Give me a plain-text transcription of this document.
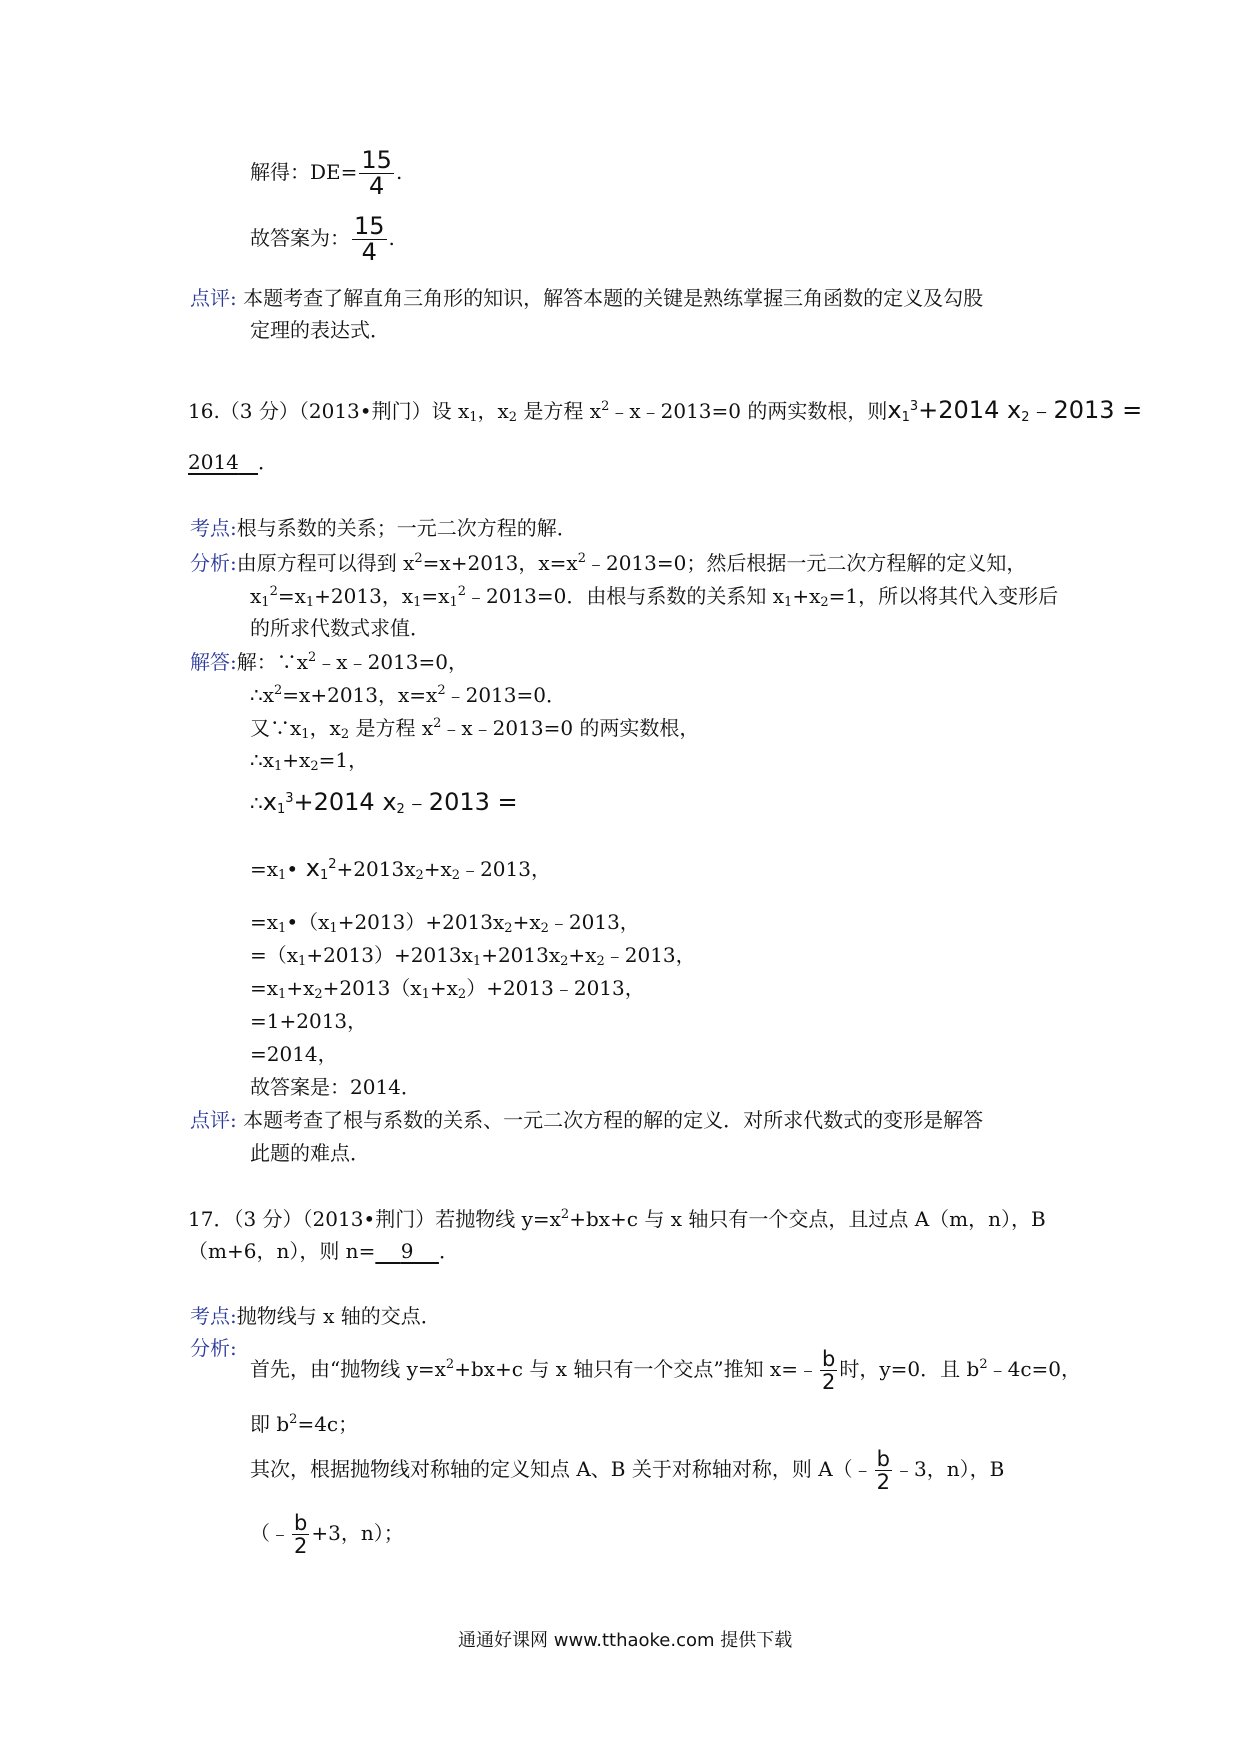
解得：$DE= \frac{15}{4}$ .
故答案为： $\frac{15}{4}$ .
点评: 本题考查了解直角三角形的知识，解答本题的关键是熟练掌握三角函数的定义及勾股
定理的表达式．
16.（3 分）（2013•荆门）设 $x_1$，$x_2$ 是方程 $x^2﹣x﹣2013=0$ 的两实数根，则$x_1^3+2014$ $x_2﹣2013$ =
2014 ．
考点:根与系数的关系；一元二次方程的解．
分析:由原方程可以得到 $x^2=x+2013$，$x=x^2﹣2013=0$；然后根据一元二次方程解的定义知，
$x_1^2=x_1+2013$，$x_1=x_1^2﹣2013=0$．由根与系数的关系知 $x_1+x_2=1$，所以将其代入变形后
的所求代数式求值．
解答:解：$\because x^2﹣x﹣2013=0$，
$\therefore x^2=x+2013$，$x=x^2﹣2013=0$．
又$\because x_1$，$x_2$ 是方程 $x^2﹣x﹣2013=0$ 的两实数根，
$\therefore x_1+x_2=1$，
$\therefore x_1^3+2014$ $x_2﹣2013$ =
$=x_1•$ $x_1^2+2013x_2+x_2﹣2013$，
$=x_1•(x_1+2013)+2013x_2+x_2﹣2013$，
$=(x_1+2013)+2013x_1+2013x_2+x_2﹣2013$，
$=x_1+x_2+2013(x_1+x_2)+2013﹣2013$，
=1+2013，
=2014，
故答案是：2014．
点评: 本题考查了根与系数的关系、一元二次方程的解的定义．对所求代数式的变形是解答
此题的难点．
17．（3 分）（2013•荆门）若抛物线 $y=x^2+bx+c$ 与 x 轴只有一个交点，且过点 A（m，n），B
（m+6，n），则 n= 9 ．
考点:抛物线与 x 轴的交点．
分析:
首先，由“抛物线 $y=x^2+bx+c$ 与 x 轴只有一个交点”推知 x=﹣ $\frac{b}{2}$ 时，y=0．且 $b^2﹣4c=0$，
即 $b^2=4c$；
其次，根据抛物线对称轴的定义知点 A、B 关于对称轴对称，则 A（﹣ $\frac{b}{2}$ ﹣3，n），B
（﹣ $\frac{b}{2} +3$，n）；
通通好课网 www.tthaoke.com 提供下载
